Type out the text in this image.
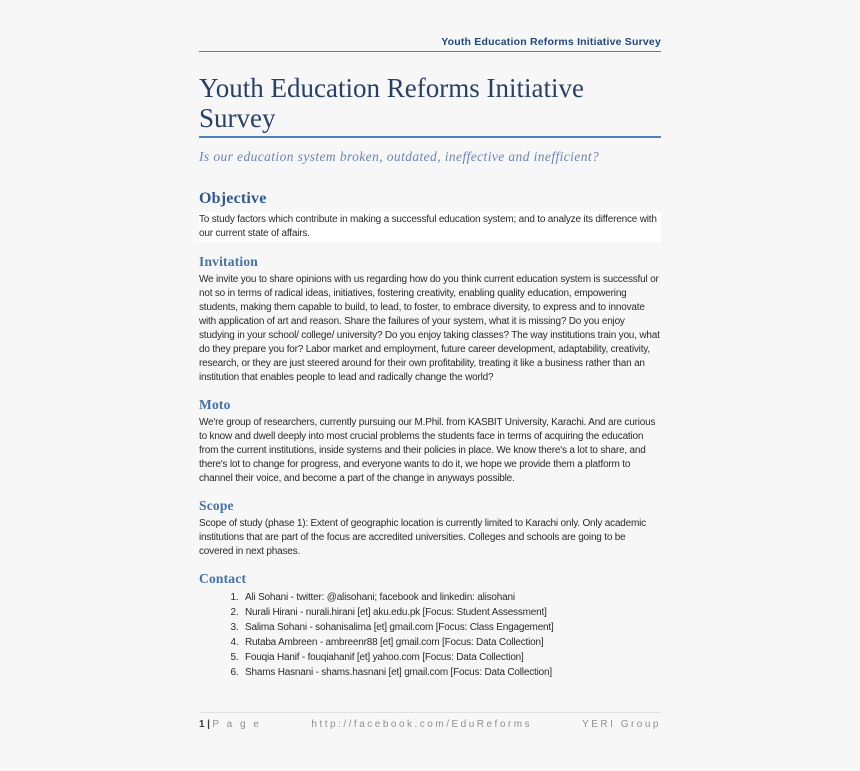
Youth Education Reforms Initiative Survey
Youth Education Reforms Initiative Survey
Is our education system broken, outdated, ineffective and inefficient?
Objective

To study factors which contribute in making a successful education system; and to analyze its difference with our current state of affairs.

Invitation

We invite you to share opinions with us regarding how do you think current education system is successful or not so in terms of radical ideas, initiatives, fostering creativity, enabling quality education, empowering students, making them capable to build, to lead, to foster, to embrace diversity, to express and to innovate with application of art and reason. Share the failures of your system, what it is missing? Do you enjoy studying in your school/ college/ university? Do you enjoy taking classes? The way institutions train you, what do they prepare you for? Labor market and employment, future career development, adaptability, creativity, research, or they are just steered around for their own profitability, treating it like a business rather than an institution that enables people to lead and radically change the world?

Moto

We're group of researchers, currently pursuing our M.Phil. from KASBIT University, Karachi. And are curious to know and dwell deeply into most crucial problems the students face in terms of acquiring the education from the current institutions, inside systems and their policies in place. We know there's a lot to share, and there's lot to change for progress, and everyone wants to do it, we hope we provide them a platform to channel their voice, and become a part of the change in anyways possible.

Scope

Scope of study (phase 1): Extent of geographic location is currently limited to Karachi only. Only academic institutions that are part of the focus are accredited universities. Colleges and schools are going to be covered in next phases.

Contact
1. Ali Sohani - twitter: @alisohani; facebook and linkedin: alisohani
2. Nurali Hirani - nurali.hirani [et] aku.edu.pk [Focus: Student Assessment]
3. Salima Sohani - sohanisalima [et] gmail.com [Focus: Class Engagement]
4. Rutaba Ambreen - ambreenr88 [et] gmail.com [Focus: Data Collection]
5. Fouqia Hanif - fouqiahanif [et] yahoo.com [Focus: Data Collection]
6. Shams Hasnani - shams.hasnani [et] gmail.com [Focus: Data Collection]
1|P a g e	http://facebook.com/EduReforms	YERI Group
